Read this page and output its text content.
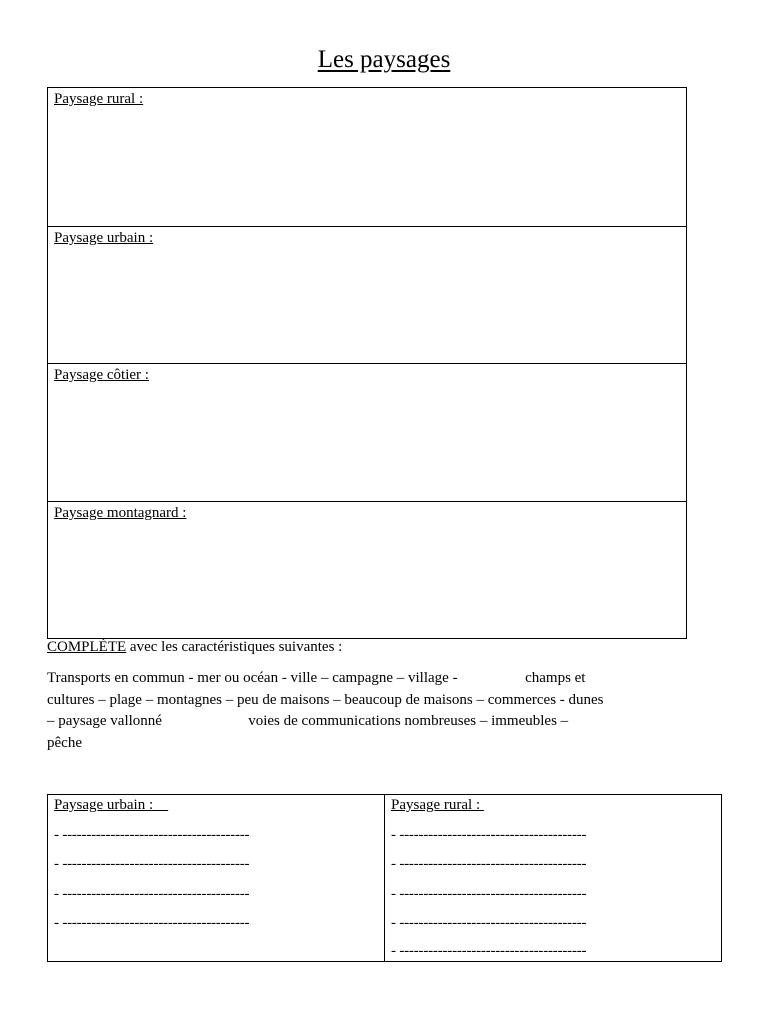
Les paysages
Paysage rural :
Paysage urbain :
Paysage côtier :
Paysage montagnard :
COMPLÈTE avec les caractéristiques suivantes :
Transports en commun - mer ou océan - ville – campagne – village -                  champs et
cultures – plage – montagnes – peu de maisons – beaucoup de maisons – commerces - dunes
– paysage vallonné                       voies de communications nombreuses – immeubles –
pêche
Paysage urbain :
- ---------------------------------------
- ---------------------------------------
- ---------------------------------------
- ---------------------------------------
Paysage rural :
- ---------------------------------------
- ---------------------------------------
- ---------------------------------------
- ---------------------------------------
- ---------------------------------------
